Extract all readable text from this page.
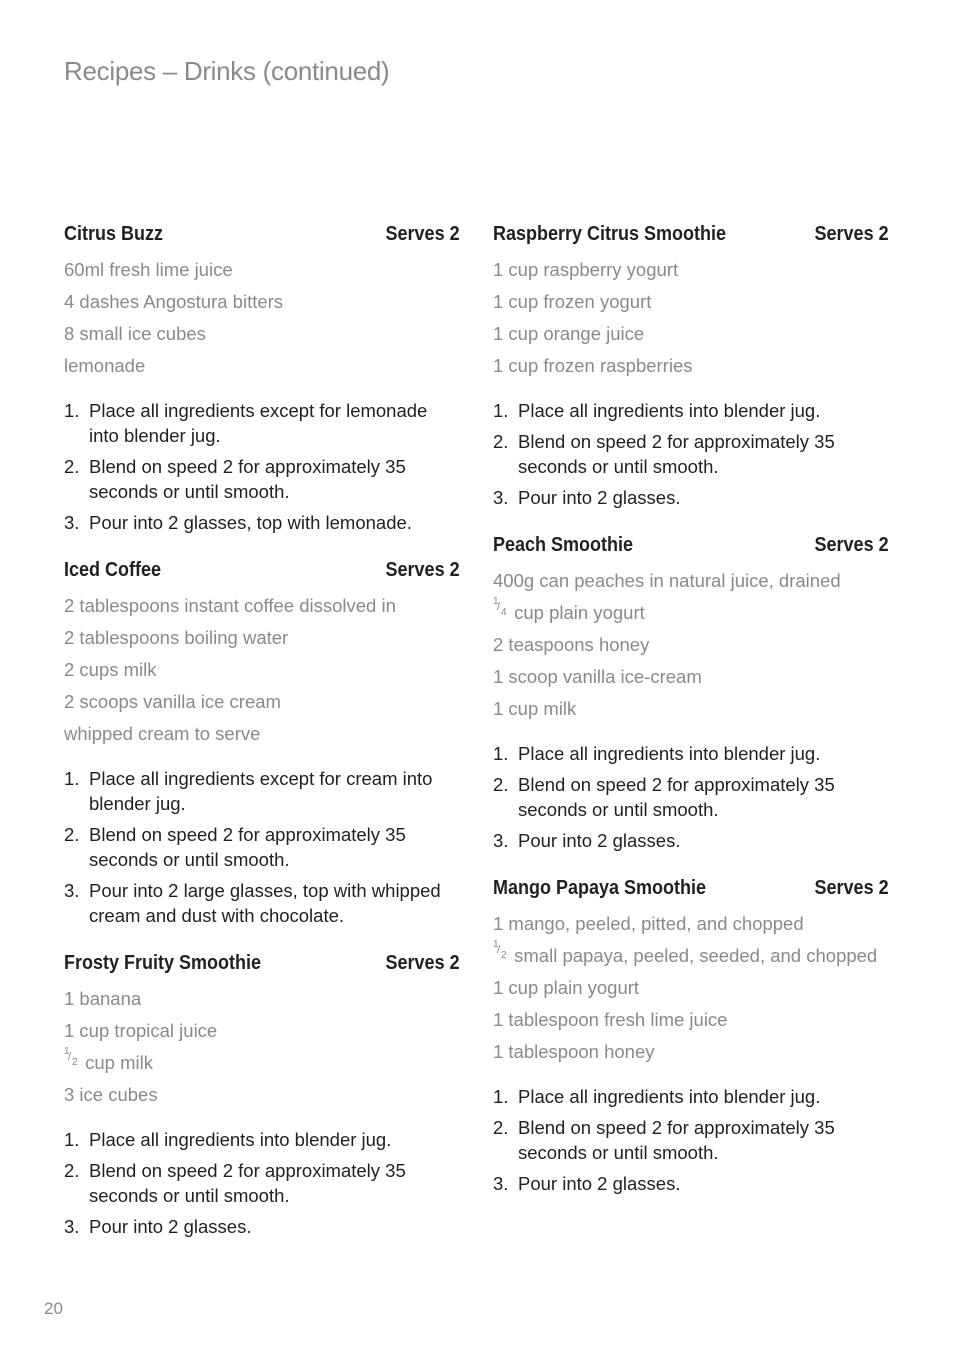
Recipes – Drinks (continued)
Citrus Buzz	Serves 2
60ml fresh lime juice
4 dashes Angostura bitters
8 small ice cubes
lemonade
1. Place all ingredients except for lemonade into blender jug.
2. Blend on speed 2 for approximately 35 seconds or until smooth.
3. Pour into 2 glasses, top with lemonade.
Iced Coffee	Serves 2
2 tablespoons instant coffee dissolved in
2 tablespoons boiling water
2 cups milk
2 scoops vanilla ice cream
whipped cream to serve
1. Place all ingredients except for cream into blender jug.
2. Blend on speed 2 for approximately 35 seconds or until smooth.
3. Pour into 2 large glasses, top with whipped cream and dust with chocolate.
Frosty Fruity Smoothie	Serves 2
1 banana
1 cup tropical juice
1
/ 2 cup milk
3 ice cubes
1. Place all ingredients into blender jug.
2. Blend on speed 2 for approximately 35 seconds or until smooth.
3. Pour into 2 glasses.
Raspberry Citrus Smoothie	Serves 2
1 cup raspberry yogurt
1 cup frozen yogurt
1 cup orange juice
1 cup frozen raspberries
1. Place all ingredients into blender jug.
2. Blend on speed 2 for approximately 35 seconds or until smooth.
3. Pour into 2 glasses.
Peach Smoothie	Serves 2
400g can peaches in natural juice, drained
1
/ 4 cup plain yogurt
2 teaspoons honey
1 scoop vanilla ice-cream
1 cup milk
1. Place all ingredients into blender jug.
2. Blend on speed 2 for approximately 35 seconds or until smooth.
3. Pour into 2 glasses.
Mango Papaya Smoothie	Serves 2
1 mango, peeled, pitted, and chopped
1
/ 2 small papaya, peeled, seeded, and chopped
1 cup plain yogurt
1 tablespoon fresh lime juice
1 tablespoon honey
1. Place all ingredients into blender jug.
2. Blend on speed 2 for approximately 35 seconds or until smooth.
3. Pour into 2 glasses.
20
